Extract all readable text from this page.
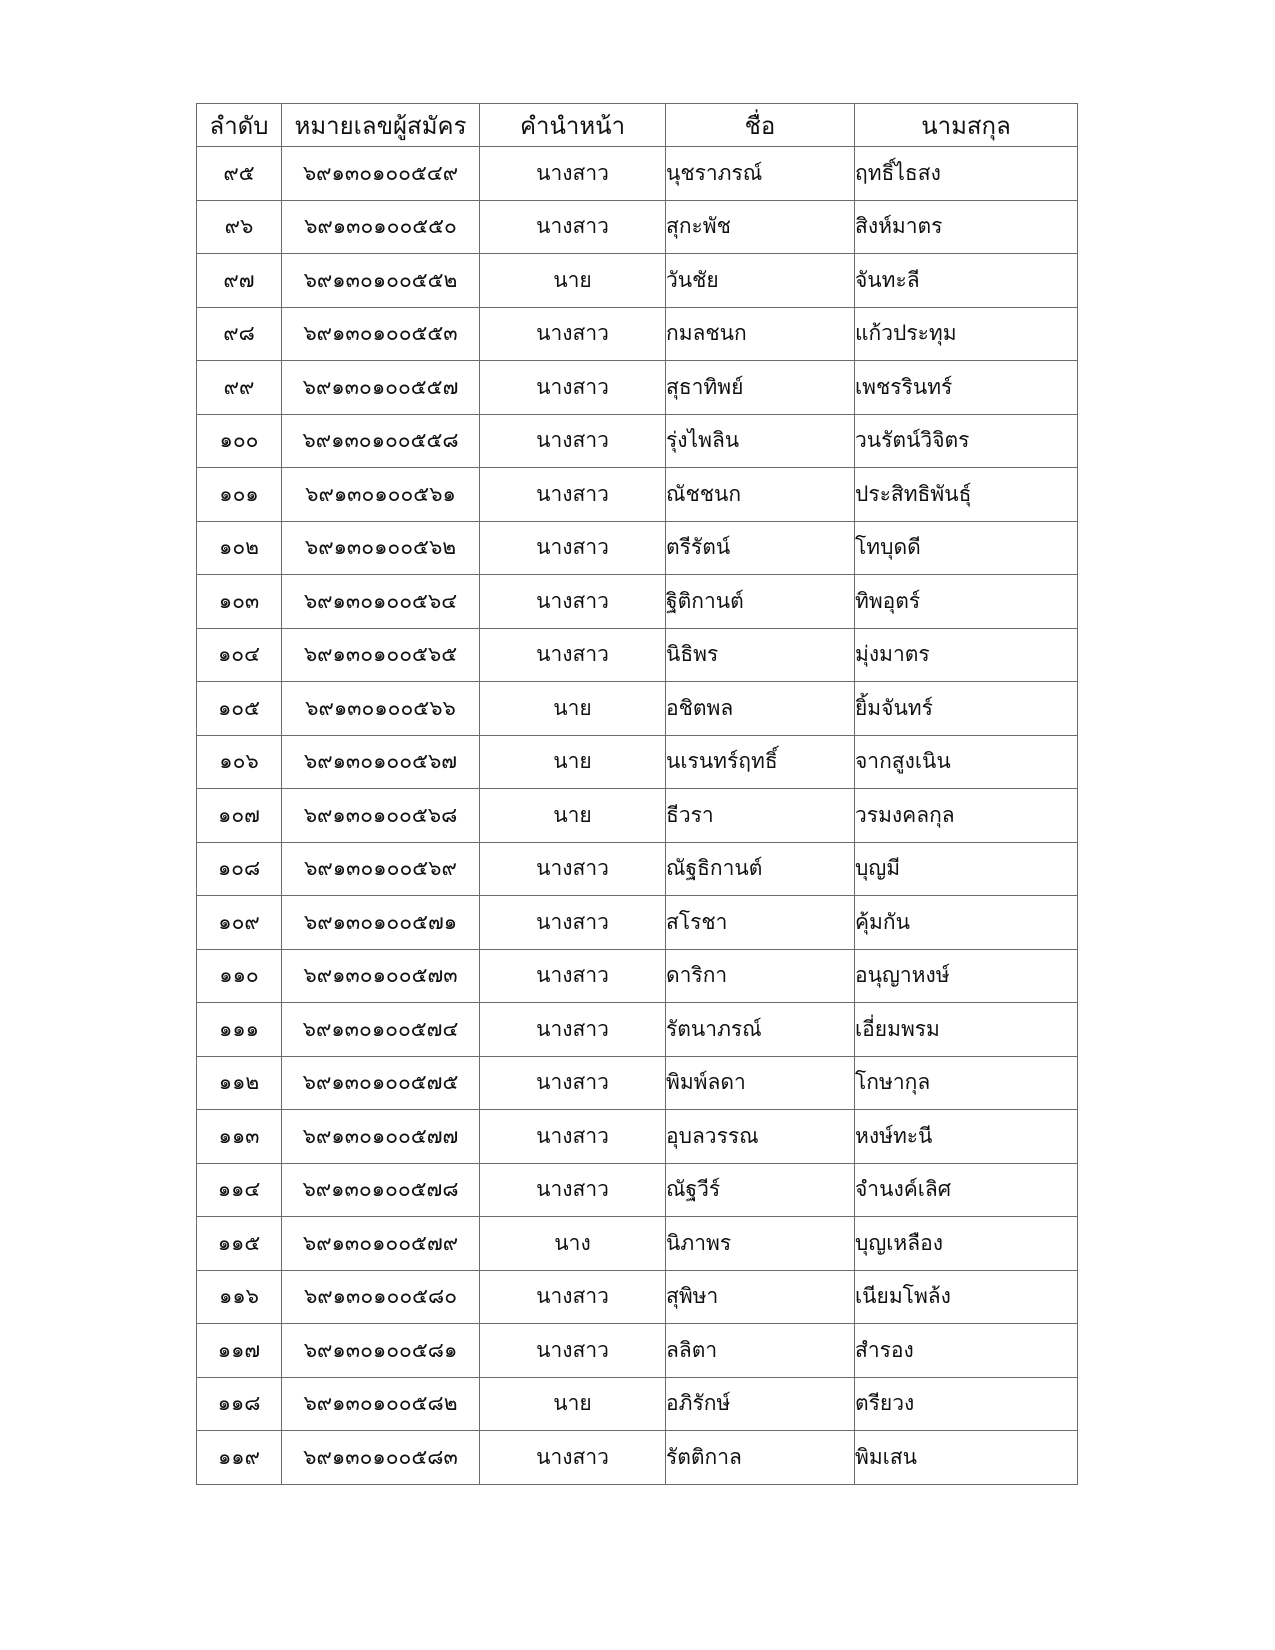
ลำดับ	หมายเลขผู้สมัคร	คำนำหน้า	ชื่อ	นามสกุล
๙๕	๖๙๑๓๐๑๐๐๕๔๙	นางสาว	นุชราภรณ์	ฤทธิ์ไธสง
๙๖	๖๙๑๓๐๑๐๐๕๕๐	นางสาว	สุกะพัช	สิงห์มาตร
๙๗	๖๙๑๓๐๑๐๐๕๕๒	นาย	วันชัย	จันทะลี
๙๘	๖๙๑๓๐๑๐๐๕๕๓	นางสาว	กมลชนก	แก้วประทุม
๙๙	๖๙๑๓๐๑๐๐๕๕๗	นางสาว	สุธาทิพย์	เพชรรินทร์
๑๐๐	๖๙๑๓๐๑๐๐๕๕๘	นางสาว	รุ่งไพลิน	วนรัตน์วิจิตร
๑๐๑	๖๙๑๓๐๑๐๐๕๖๑	นางสาว	ณัชชนก	ประสิทธิพันธุ์
๑๐๒	๖๙๑๓๐๑๐๐๕๖๒	นางสาว	ตรีรัตน์	โทบุดดี
๑๐๓	๖๙๑๓๐๑๐๐๕๖๔	นางสาว	ฐิติกานต์	ทิพอุตร์
๑๐๔	๖๙๑๓๐๑๐๐๕๖๕	นางสาว	นิธิพร	มุ่งมาตร
๑๐๕	๖๙๑๓๐๑๐๐๕๖๖	นาย	อชิตพล	ยิ้มจันทร์
๑๐๖	๖๙๑๓๐๑๐๐๕๖๗	นาย	นเรนทร์ฤทธิ์	จากสูงเนิน
๑๐๗	๖๙๑๓๐๑๐๐๕๖๘	นาย	ธีวรา	วรมงคลกุล
๑๐๘	๖๙๑๓๐๑๐๐๕๖๙	นางสาว	ณัฐธิกานต์	บุญมี
๑๐๙	๖๙๑๓๐๑๐๐๕๗๑	นางสาว	สโรชา	คุ้มกัน
๑๑๐	๖๙๑๓๐๑๐๐๕๗๓	นางสาว	ดาริกา	อนุญาหงษ์
๑๑๑	๖๙๑๓๐๑๐๐๕๗๔	นางสาว	รัตนาภรณ์	เอี่ยมพรม
๑๑๒	๖๙๑๓๐๑๐๐๕๗๕	นางสาว	พิมพ์ลดา	โกษากุล
๑๑๓	๖๙๑๓๐๑๐๐๕๗๗	นางสาว	อุบลวรรณ	หงษ์ทะนี
๑๑๔	๖๙๑๓๐๑๐๐๕๗๘	นางสาว	ณัฐวีร์	จำนงค์เลิศ
๑๑๕	๖๙๑๓๐๑๐๐๕๗๙	นาง	นิภาพร	บุญเหลือง
๑๑๖	๖๙๑๓๐๑๐๐๕๘๐	นางสาว	สุพิษา	เนียมโพล้ง
๑๑๗	๖๙๑๓๐๑๐๐๕๘๑	นางสาว	ลลิตา	สำรอง
๑๑๘	๖๙๑๓๐๑๐๐๕๘๒	นาย	อภิรักษ์	ตรียวง
๑๑๙	๖๙๑๓๐๑๐๐๕๘๓	นางสาว	รัตติกาล	พิมเสน
